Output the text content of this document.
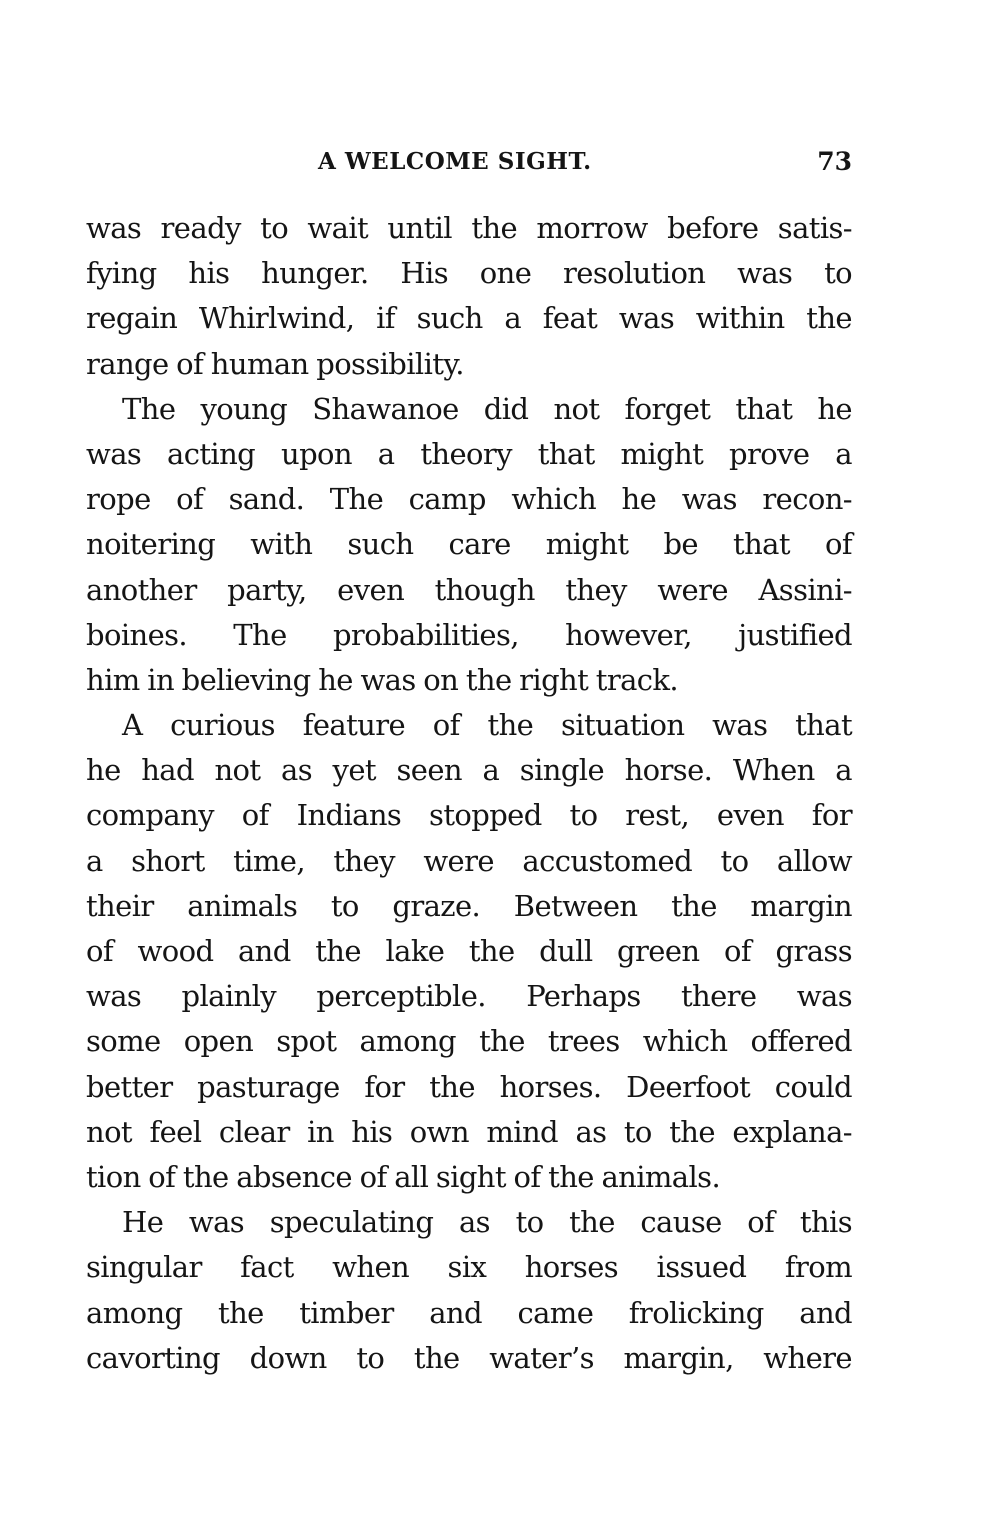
A WELCOME SIGHT.	73
was ready to wait until the morrow before satis-
fying his hunger. His one resolution was to
regain Whirlwind, if such a feat was within the
range of human possibility.
The young Shawanoe did not forget that he
was acting upon a theory that might prove a
rope of sand. The camp which he was recon-
noitering with such care might be that of
another party, even though they were Assini-
boines. The probabilities, however, justified
him in believing he was on the right track.
A curious feature of the situation was that
he had not as yet seen a single horse. When a
company of Indians stopped to rest, even for
a short time, they were accustomed to allow
their animals to graze. Between the margin
of wood and the lake the dull green of grass
was plainly perceptible. Perhaps there was
some open spot among the trees which offered
better pasturage for the horses. Deerfoot could
not feel clear in his own mind as to the explana-
tion of the absence of all sight of the animals.
He was speculating as to the cause of this
singular fact when six horses issued from
among the timber and came frolicking and
cavorting down to the water’s margin, where
